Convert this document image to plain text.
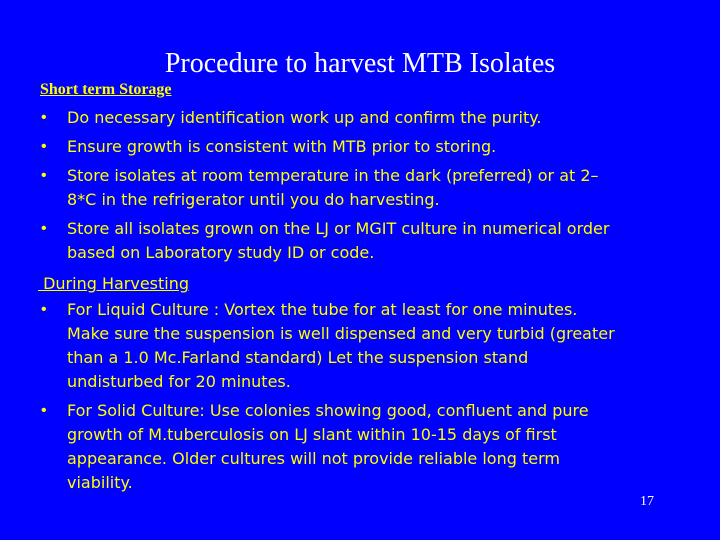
Procedure to harvest MTB Isolates
Short term Storage
•	Do necessary identification work up and confirm the purity.
•	Ensure growth is consistent with MTB prior to storing.
•	Store isolates at room temperature in the dark (preferred) or at 2–
8*C in the refrigerator until you do harvesting.
•	Store all isolates grown on the LJ or MGIT culture in numerical order
based on Laboratory study ID or code.
During Harvesting
•	For Liquid Culture : Vortex the tube for at least for one minutes.
Make sure the suspension is well dispensed and very turbid (greater
than a 1.0 Mc.Farland standard) Let the suspension stand
undisturbed for 20 minutes.
•	For Solid Culture: Use colonies showing good, confluent and pure
growth of M.tuberculosis on LJ slant within 10-15 days of first
appearance. Older cultures will not provide reliable long term
viability.
17
